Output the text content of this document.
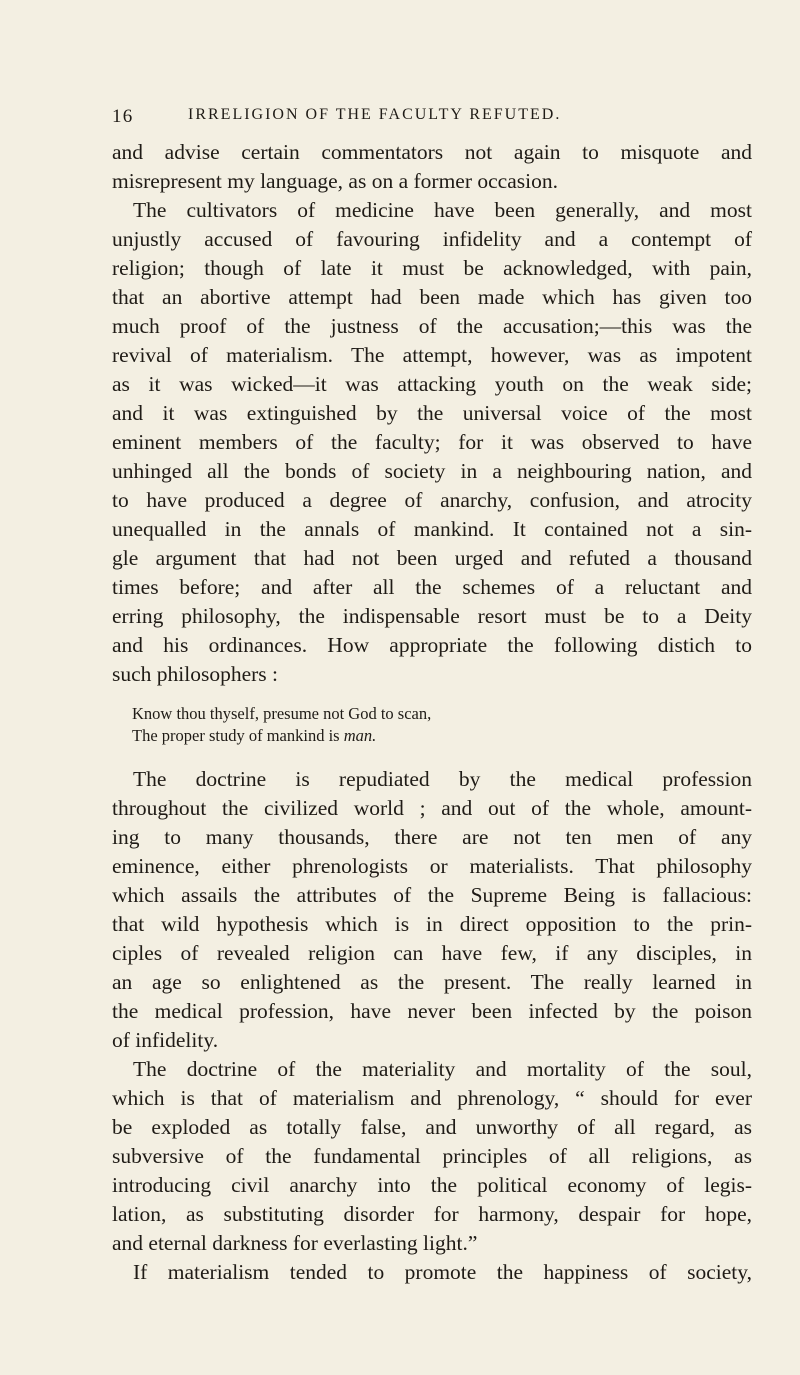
16	IRRELIGION OF THE FACULTY REFUTED.
and advise certain commentators not again to misquote and
misrepresent my language, as on a former occasion.
The cultivators of medicine have been generally, and most
unjustly accused of favouring infidelity and a contempt of
religion; though of late it must be acknowledged, with pain,
that an abortive attempt had been made which has given too
much proof of the justness of the accusation;—this was the
revival of materialism. The attempt, however, was as impotent
as it was wicked—it was attacking youth on the weak side;
and it was extinguished by the universal voice of the most
eminent members of the faculty; for it was observed to have
unhinged all the bonds of society in a neighbouring nation, and
to have produced a degree of anarchy, confusion, and atrocity
unequalled in the annals of mankind. It contained not a sin-
gle argument that had not been urged and refuted a thousand
times before; and after all the schemes of a reluctant and
erring philosophy, the indispensable resort must be to a Deity
and his ordinances. How appropriate the following distich to
such philosophers :
Know thou thyself, presume not God to scan,
The proper study of mankind is man.
The doctrine is repudiated by the medical profession
throughout the civilized world ; and out of the whole, amount-
ing to many thousands, there are not ten men of any
eminence, either phrenologists or materialists. That philosophy
which assails the attributes of the Supreme Being is fallacious:
that wild hypothesis which is in direct opposition to the prin-
ciples of revealed religion can have few, if any disciples, in
an age so enlightened as the present. The really learned in
the medical profession, have never been infected by the poison
of infidelity.
The doctrine of the materiality and mortality of the soul,
which is that of materialism and phrenology, “ should for ever
be exploded as totally false, and unworthy of all regard, as
subversive of the fundamental principles of all religions, as
introducing civil anarchy into the political economy of legis-
lation, as substituting disorder for harmony, despair for hope,
and eternal darkness for everlasting light.”
If materialism tended to promote the happiness of society,
